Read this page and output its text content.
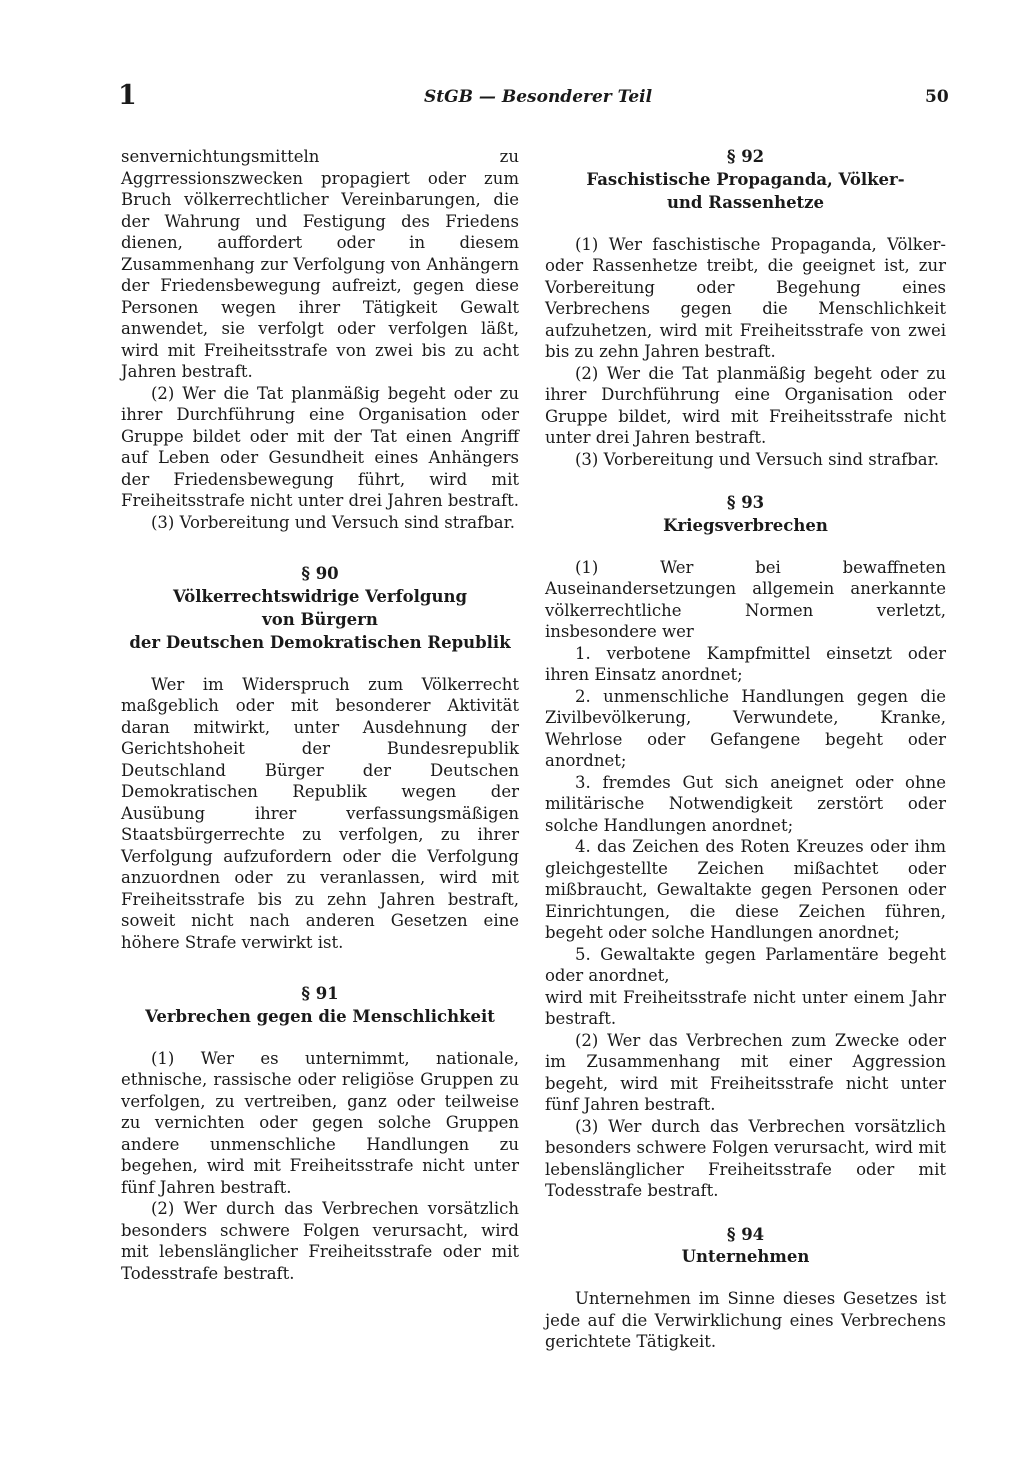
1	StGB — Besonderer Teil	50

senvernichtungsmitteln zu Aggrressionszwecken propagiert oder zum Bruch völkerrechtlicher Vereinbarungen, die der Wahrung und Festigung des Friedens dienen, auffordert oder in diesem Zusammenhang zur Verfolgung von Anhängern der Friedensbewegung aufreizt, gegen diese Personen wegen ihrer Tätigkeit Gewalt anwendet, sie verfolgt oder verfolgen läßt, wird mit Freiheitsstrafe von zwei bis zu acht Jahren bestraft.

(2) Wer die Tat planmäßig begeht oder zu ihrer Durchführung eine Organisation oder Gruppe bildet oder mit der Tat einen Angriff auf Leben oder Gesundheit eines Anhängers der Friedensbewegung führt, wird mit Freiheitsstrafe nicht unter drei Jahren bestraft.

(3) Vorbereitung und Versuch sind strafbar.

§ 90
Völkerrechtswidrige Verfolgung
von Bürgern
der Deutschen Demokratischen Republik

Wer im Widerspruch zum Völkerrecht maßgeblich oder mit besonderer Aktivität daran mitwirkt, unter Ausdehnung der Gerichtshoheit der Bundesrepublik Deutschland Bürger der Deutschen Demokratischen Republik wegen der Ausübung ihrer verfassungsmäßigen Staatsbürgerrechte zu verfolgen, zu ihrer Verfolgung aufzufordern oder die Verfolgung anzuordnen oder zu veranlassen, wird mit Freiheitsstrafe bis zu zehn Jahren bestraft, soweit nicht nach anderen Gesetzen eine höhere Strafe verwirkt ist.

§ 91
Verbrechen gegen die Menschlichkeit

(1) Wer es unternimmt, nationale, ethnische, rassische oder religiöse Gruppen zu verfolgen, zu vertreiben, ganz oder teilweise zu vernichten oder gegen solche Gruppen andere unmenschliche Handlungen zu begehen, wird mit Freiheitsstrafe nicht unter fünf Jahren bestraft.

(2) Wer durch das Verbrechen vorsätzlich besonders schwere Folgen verursacht, wird mit lebenslänglicher Freiheitsstrafe oder mit Todesstrafe bestraft.

§ 92
Faschistische Propaganda, Völker-
und Rassenhetze

(1) Wer faschistische Propaganda, Völker- oder Rassenhetze treibt, die geeignet ist, zur Vorbereitung oder Begehung eines Verbrechens gegen die Menschlichkeit aufzuhetzen, wird mit Freiheitsstrafe von zwei bis zu zehn Jahren bestraft.

(2) Wer die Tat planmäßig begeht oder zu ihrer Durchführung eine Organisation oder Gruppe bildet, wird mit Freiheitsstrafe nicht unter drei Jahren bestraft.

(3) Vorbereitung und Versuch sind strafbar.

§ 93
Kriegsverbrechen

(1) Wer bei bewaffneten Auseinandersetzungen allgemein anerkannte völkerrechtliche Normen verletzt, insbesondere wer

1. verbotene Kampfmittel einsetzt oder ihren Einsatz anordnet;

2. unmenschliche Handlungen gegen die Zivilbevölkerung, Verwundete, Kranke, Wehrlose oder Gefangene begeht oder anordnet;

3. fremdes Gut sich aneignet oder ohne militärische Notwendigkeit zerstört oder solche Handlungen anordnet;

4. das Zeichen des Roten Kreuzes oder ihm gleichgestellte Zeichen mißachtet oder mißbraucht, Gewaltakte gegen Personen oder Einrichtungen, die diese Zeichen führen, begeht oder solche Handlungen anordnet;

5. Gewaltakte gegen Parlamentäre begeht oder anordnet,

wird mit Freiheitsstrafe nicht unter einem Jahr bestraft.

(2) Wer das Verbrechen zum Zwecke oder im Zusammenhang mit einer Aggression begeht, wird mit Freiheitsstrafe nicht unter fünf Jahren bestraft.

(3) Wer durch das Verbrechen vorsätzlich besonders schwere Folgen verursacht, wird mit lebenslänglicher Freiheitsstrafe oder mit Todesstrafe bestraft.

§ 94
Unternehmen

Unternehmen im Sinne dieses Gesetzes ist jede auf die Verwirklichung eines Verbrechens gerichtete Tätigkeit.
